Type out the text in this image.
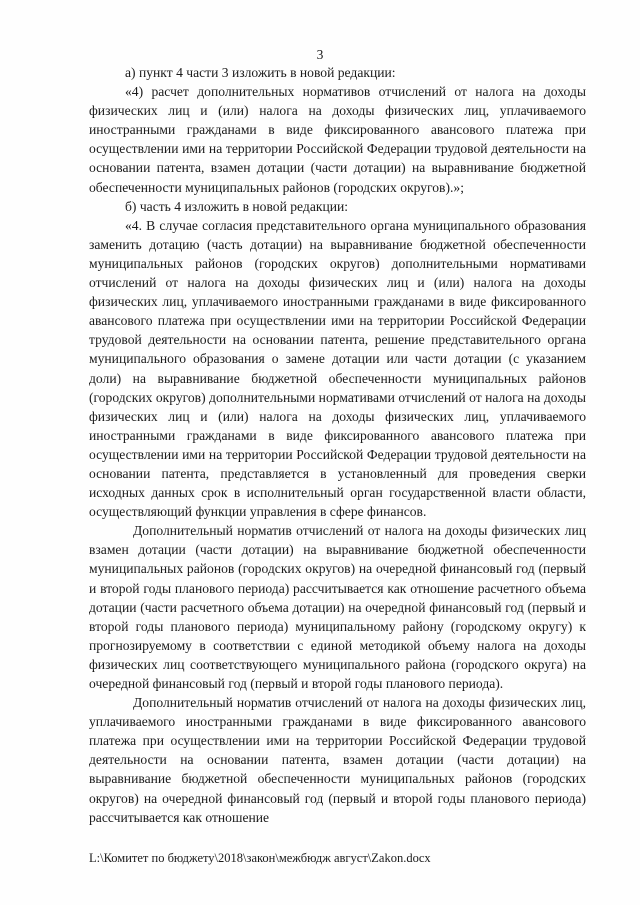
3

а) пункт 4 части 3 изложить в новой редакции:

«4) расчет дополнительных нормативов отчислений от налога на доходы физических лиц и (или) налога на доходы физических лиц, уплачиваемого иностранными гражданами в виде фиксированного авансового платежа при осуществлении ими на территории Российской Федерации трудовой деятельности на основании патента, взамен дотации (части дотации) на выравнивание бюджетной обеспеченности муниципальных районов (городских округов).»;

б) часть 4 изложить в новой редакции:

«4. В случае согласия представительного органа муниципального образования заменить дотацию (часть дотации) на выравнивание бюджетной обеспеченности муниципальных районов (городских округов) дополнительными нормативами отчислений от налога на доходы физических лиц и (или) налога на доходы физических лиц, уплачиваемого иностранными гражданами в виде фиксированного авансового платежа при осуществлении ими на территории Российской Федерации трудовой деятельности на основании патента, решение представительного органа муниципального образования о замене дотации или части дотации (с указанием доли) на выравнивание бюджетной обеспеченности муниципальных районов (городских округов) дополнительными нормативами отчислений от налога на доходы физических лиц и (или) налога на доходы физических лиц, уплачиваемого иностранными гражданами в виде фиксированного авансового платежа при осуществлении ими на территории Российской Федерации трудовой деятельности на основании патента, представляется в установленный для проведения сверки исходных данных срок в исполнительный орган государственной власти области, осуществляющий функции управления в сфере финансов.

Дополнительный норматив отчислений от налога на доходы физических лиц взамен дотации (части дотации) на выравнивание бюджетной обеспеченности муниципальных районов (городских округов) на очередной финансовый год (первый и второй годы планового периода) рассчитывается как отношение расчетного объема дотации (части расчетного объема дотации) на очередной финансовый год (первый и второй годы планового периода) муниципальному району (городскому округу) к прогнозируемому в соответствии с единой методикой объему налога на доходы физических лиц соответствующего муниципального района (городского округа) на очередной финансовый год (первый и второй годы планового периода).

Дополнительный норматив отчислений от налога на доходы физических лиц, уплачиваемого иностранными гражданами в виде фиксированного авансового платежа при осуществлении ими на территории Российской Федерации трудовой деятельности на основании патента, взамен дотации (части дотации) на выравнивание бюджетной обеспеченности муниципальных районов (городских округов) на очередной финансовый год (первый и второй годы планового периода) рассчитывается как отношение

L:\Комитет по бюджету\2018\закон\межбюдж август\Zakon.docx
